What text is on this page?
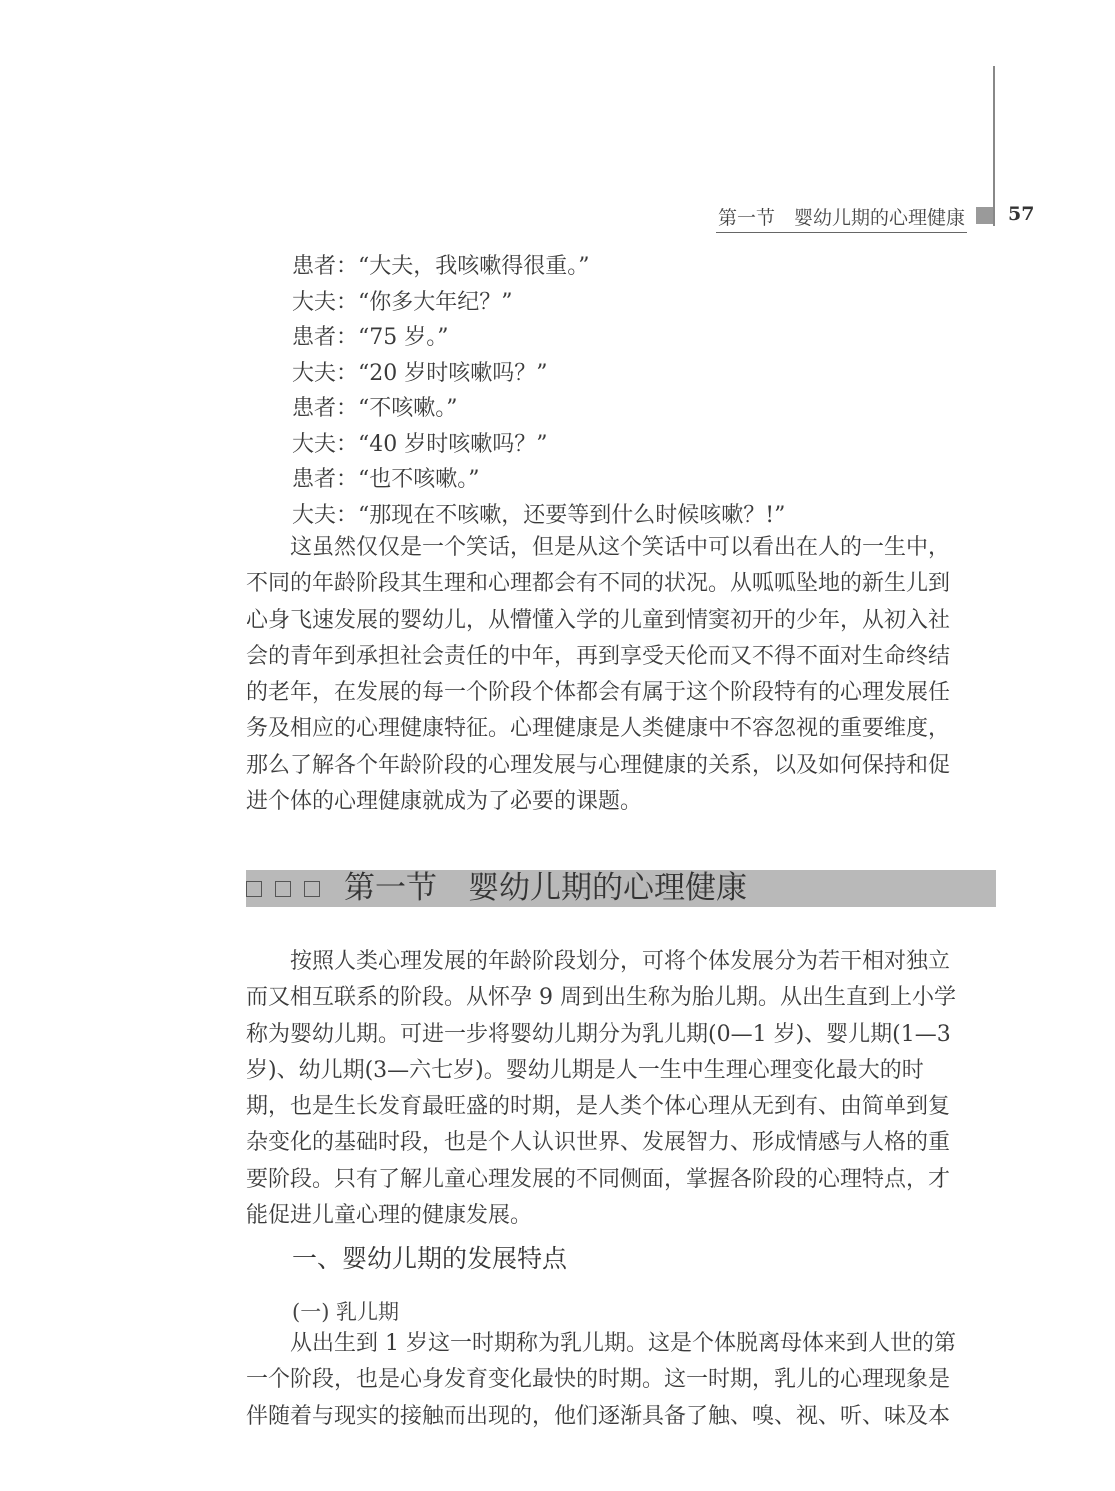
第一节　婴幼儿期的心理健康 57
患者：“大夫，我咳嗽得很重。”
大夫：“你多大年纪？”
患者：“75 岁。”
大夫：“20 岁时咳嗽吗？”
患者：“不咳嗽。”
大夫：“40 岁时咳嗽吗？”
患者：“也不咳嗽。”
大夫：“那现在不咳嗽，还要等到什么时候咳嗽？!”
　　这虽然仅仅是一个笑话，但是从这个笑话中可以看出在人的一生中，
不同的年龄阶段其生理和心理都会有不同的状况。从呱呱坠地的新生儿到
心身飞速发展的婴幼儿，从懵懂入学的儿童到情窦初开的少年，从初入社
会的青年到承担社会责任的中年，再到享受天伦而又不得不面对生命终结
的老年，在发展的每一个阶段个体都会有属于这个阶段特有的心理发展任
务及相应的心理健康特征。心理健康是人类健康中不容忽视的重要维度，
那么了解各个年龄阶段的心理发展与心理健康的关系，以及如何保持和促
进个体的心理健康就成为了必要的课题。
第一节　婴幼儿期的心理健康
　　按照人类心理发展的年龄阶段划分，可将个体发展分为若干相对独立
而又相互联系的阶段。从怀孕 9 周到出生称为胎儿期。从出生直到上小学
称为婴幼儿期。可进一步将婴幼儿期分为乳儿期(0—1 岁)、婴儿期(1—3
岁)、幼儿期(3—六七岁)。婴幼儿期是人一生中生理心理变化最大的时
期，也是生长发育最旺盛的时期，是人类个体心理从无到有、由简单到复
杂变化的基础时段，也是个人认识世界、发展智力、形成情感与人格的重
要阶段。只有了解儿童心理发展的不同侧面，掌握各阶段的心理特点，才
能促进儿童心理的健康发展。
一、婴幼儿期的发展特点
(一) 乳儿期
　　从出生到 1 岁这一时期称为乳儿期。这是个体脱离母体来到人世的第
一个阶段，也是心身发育变化最快的时期。这一时期，乳儿的心理现象是
伴随着与现实的接触而出现的，他们逐渐具备了触、嗅、视、听、味及本
